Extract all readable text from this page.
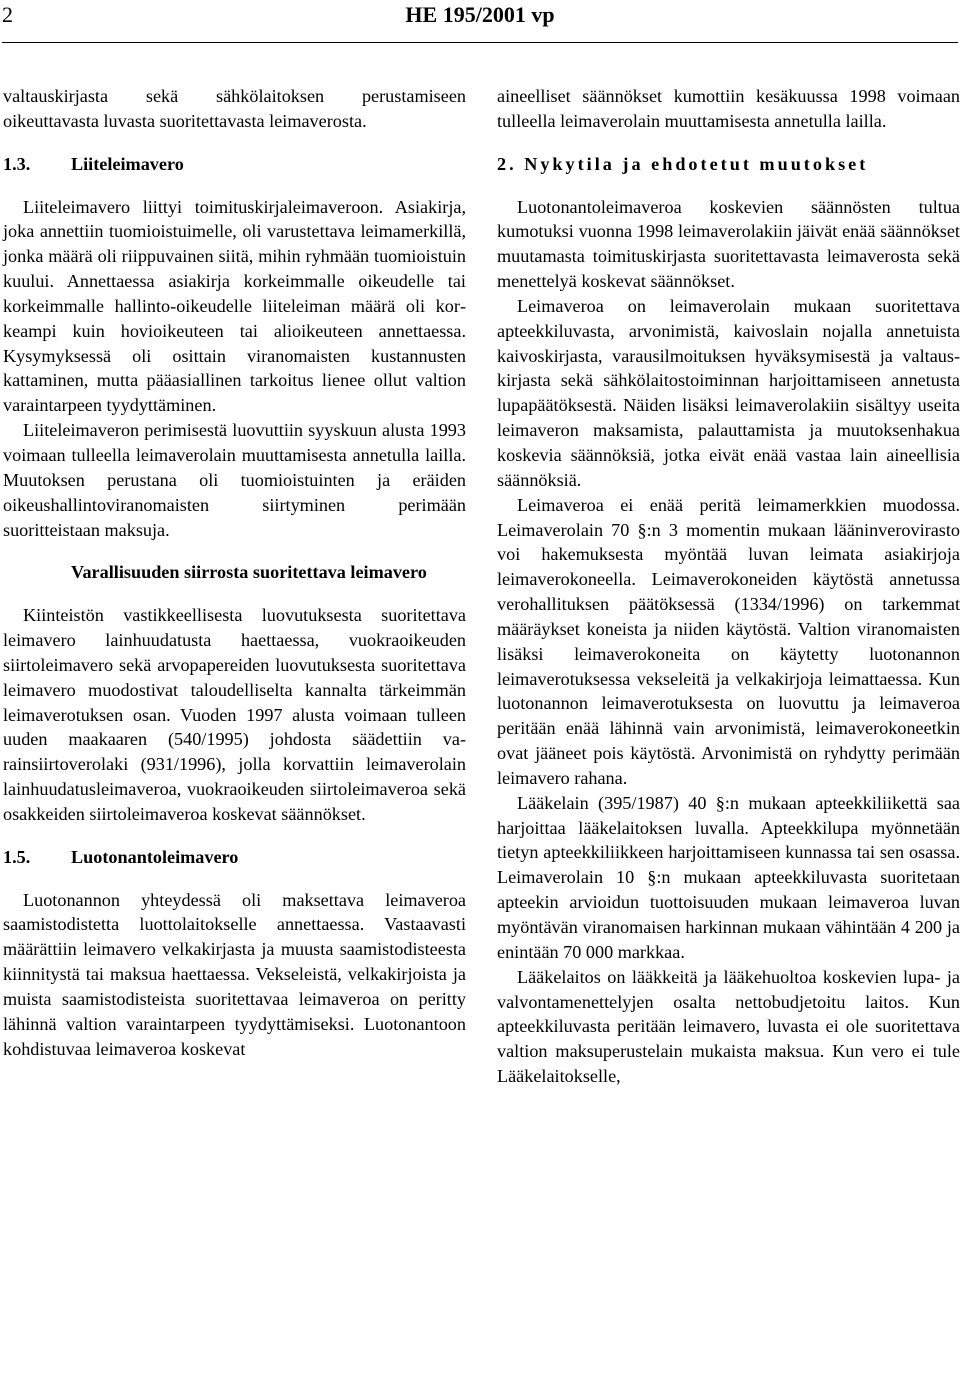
2	HE 195/2001 vp

valtauskirjasta sekä sähkölaitoksen perustamiseen oikeuttavasta luvasta suoritettavasta leimaverosta.

1.3. Liiteleimavero

Liiteleimavero liittyi toimituskirjaleimaveroon. Asiakirja, joka annettiin tuomioistuimelle, oli varustettava leimamerkillä, jonka määrä oli riippuvainen siitä, mihin ryhmään tuomioistuin kuului. Annettaessa asiakirja korkeimmalle oikeudelle tai korkeimmalle hallinto-oikeudelle liiteleiman määrä oli korkeampi kuin hovioikeuteen tai alioikeuteen annettaessa. Kysymyksessä oli osittain viranomaisten kustannusten kattaminen, mutta pääasiallinen tarkoitus lienee ollut valtion varaintarpeen tyydyttäminen.

Liiteleimaveron perimisestä luovuttiin syyskuun alusta 1993 voimaan tulleella leimaverolain muuttamisesta annetulla lailla. Muutoksen perustana oli tuomioistuinten ja eräiden oikeushallintoviranomaisten siirtyminen perimään suoritteistaan maksuja.

Varallisuuden siirrosta suoritettava leimavero

Kiinteistön vastikkeellisesta luovutuksesta suoritettava leimavero lainhuudatusta haettaessa, vuokraoikeuden siirtoleimavero sekä arvopapereiden luovutuksesta suoritettava leimavero muodostivat taloudelliselta kannalta tärkeimmän leimaverotuksen osan. Vuoden 1997 alusta voimaan tulleen uuden maakaaren (540/1995) johdosta säädettiin varainsiirtoverolaki (931/1996), jolla korvattiin leimaverolain lainhuudatusleimaveroa, vuokraoikeuden siirtoleimaveroa sekä osakkeiden siirtoleimaveroa koskevat säännökset.

1.5. Luotonantoleimavero

Luotonannon yhteydessä oli maksettava leimaveroa saamistodistetta luottolaitokselle annettaessa. Vastaavasti määrättiin leimavero velkakirjasta ja muusta saamistodisteesta kiinnitystä tai maksua haettaessa. Vekseleistä, velkakirjoista ja muista saamistodisteista suoritettavaa leimaveroa on peritty lähinnä valtion varaintarpeen tyydyttämiseksi. Luotonantoon kohdistuvaa leimaveroa koskevat

aineelliset säännökset kumottiin kesäkuussa 1998 voimaan tulleella leimaverolain muuttamisesta annetulla lailla.

2. Nykytila ja ehdotetut muutokset

Luotonantoleimaveroa koskevien säännösten tultua kumotuksi vuonna 1998 leimaverolakiin jäivät enää säännökset muutamasta toimituskirjasta suoritettavasta leimaverosta sekä menettelyä koskevat säännökset.

Leimaveroa on leimaverolain mukaan suoritettava apteekkiluvasta, arvonimistä, kaivoslain nojalla annetuista kaivoskirjasta, varausilmoituksen hyväksymisestä ja valtauskirjasta sekä sähkölaitostoiminnan harjoittamiseen annetusta lupapäätöksestä. Näiden lisäksi leimaverolakiin sisältyy useita leimaveron maksamista, palauttamista ja muutoksenhakua koskevia säännöksiä, jotka eivät enää vastaa lain aineellisia säännöksiä.

Leimaveroa ei enää peritä leimamerkkien muodossa. Leimaverolain 70 §:n 3 momentin mukaan lääninverovirasto voi hakemuksesta myöntää luvan leimata asiakirjoja leimaverokoneella. Leimaverokoneiden käytöstä annetussa verohallituksen päätöksessä (1334/1996) on tarkemmat määräykset koneista ja niiden käytöstä. Valtion viranomaisten lisäksi leimaverokoneita on käytetty luotonannon leimaverotuksessa vekseleitä ja velkakirjoja leimattaessa. Kun luotonannon leimaverotuksesta on luovuttu ja leimaveroa peritään enää lähinnä vain arvonimistä, leimaverokoneetkin ovat jääneet pois käytöstä. Arvonimistä on ryhdytty perimään leimavero rahana.

Lääkelain (395/1987) 40 §:n mukaan apteekkiliikettä saa harjoittaa lääkelaitoksen luvalla. Apteekkilupa myönnetään tietyn apteekkiliikkeen harjoittamiseen kunnassa tai sen osassa. Leimaverolain 10 §:n mukaan apteekkiluvasta suoritetaan apteekin arvioidun tuottoisuuden mukaan leimaveroa luvan myöntävän viranomaisen harkinnan mukaan vähintään 4 200 ja enintään 70 000 markkaa.

Lääkelaitos on lääkkeitä ja lääkehuoltoa koskevien lupa- ja valvontamenettelyjen osalta nettobudjetoitu laitos. Kun apteekkiluvasta peritään leimavero, luvasta ei ole suoritettava valtion maksuperustelain mukaista maksua. Kun vero ei tule Lääkelaitokselle,
